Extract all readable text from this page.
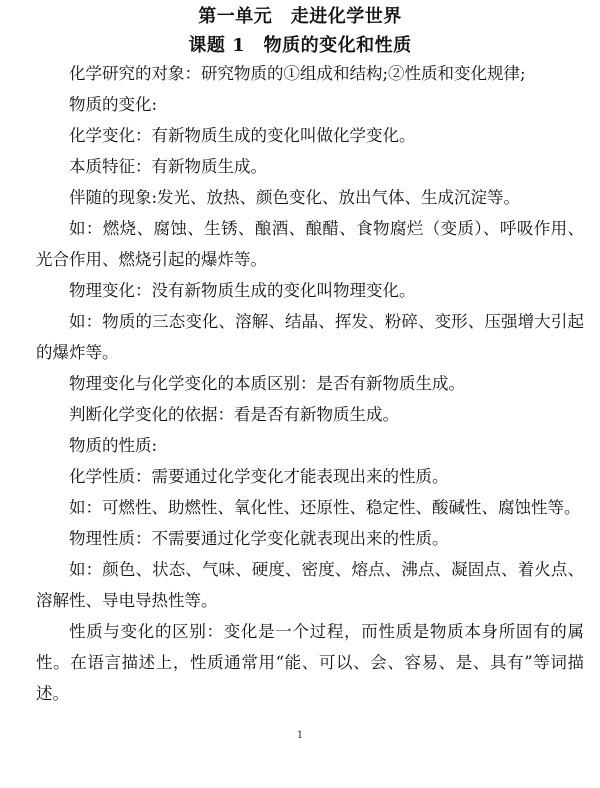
第一单元　走进化学世界
课题 1　物质的变化和性质

化学研究的对象：研究物质的①组成和结构;②性质和变化规律;

物质的变化:

化学变化：有新物质生成的变化叫做化学变化。

本质特征：有新物质生成。

伴随的现象:发光、放热、颜色变化、放出气体、生成沉淀等。

如：燃烧、腐蚀、生锈、酿酒、酿醋、食物腐烂（变质）、呼吸作用、光合作用、燃烧引起的爆炸等。

物理变化：没有新物质生成的变化叫物理变化。

如：物质的三态变化、溶解、结晶、挥发、粉碎、变形、压强增大引起的爆炸等。

物理变化与化学变化的本质区别：是否有新物质生成。

判断化学变化的依据：看是否有新物质生成。

物质的性质:

化学性质：需要通过化学变化才能表现出来的性质。

如：可燃性、助燃性、氧化性、还原性、稳定性、酸碱性、腐蚀性等。

物理性质：不需要通过化学变化就表现出来的性质。

如：颜色、状态、气味、硬度、密度、熔点、沸点、凝固点、着火点、溶解性、导电导热性等。

性质与变化的区别：变化是一个过程，而性质是物质本身所固有的属性。在语言描述上，性质通常用“能、可以、会、容易、是、具有”等词描述。

1
